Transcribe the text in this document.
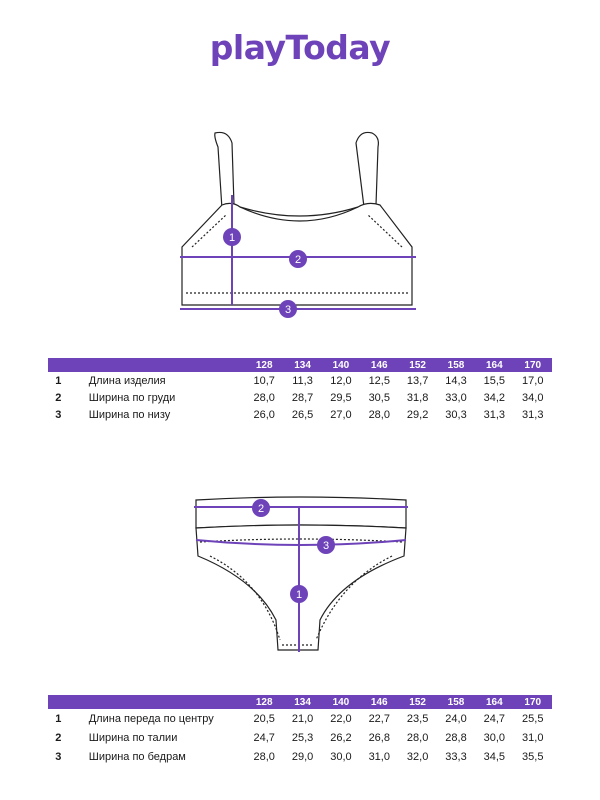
playToday
1
2
3
		128	134	140	146	152	158	164	170
1	Длина изделия	10,7	11,3	12,0	12,5	13,7	14,3	15,5	17,0
2	Ширина по груди	28,0	28,7	29,5	30,5	31,8	33,0	34,2	34,0
3	Ширина по низу	26,0	26,5	27,0	28,0	29,2	30,3	31,3	31,3
1
2
3
		128	134	140	146	152	158	164	170
1	Длина переда по центру	20,5	21,0	22,0	22,7	23,5	24,0	24,7	25,5
2	Ширина по талии	24,7	25,3	26,2	26,8	28,0	28,8	30,0	31,0
3	Ширина по бедрам	28,0	29,0	30,0	31,0	32,0	33,3	34,5	35,5
